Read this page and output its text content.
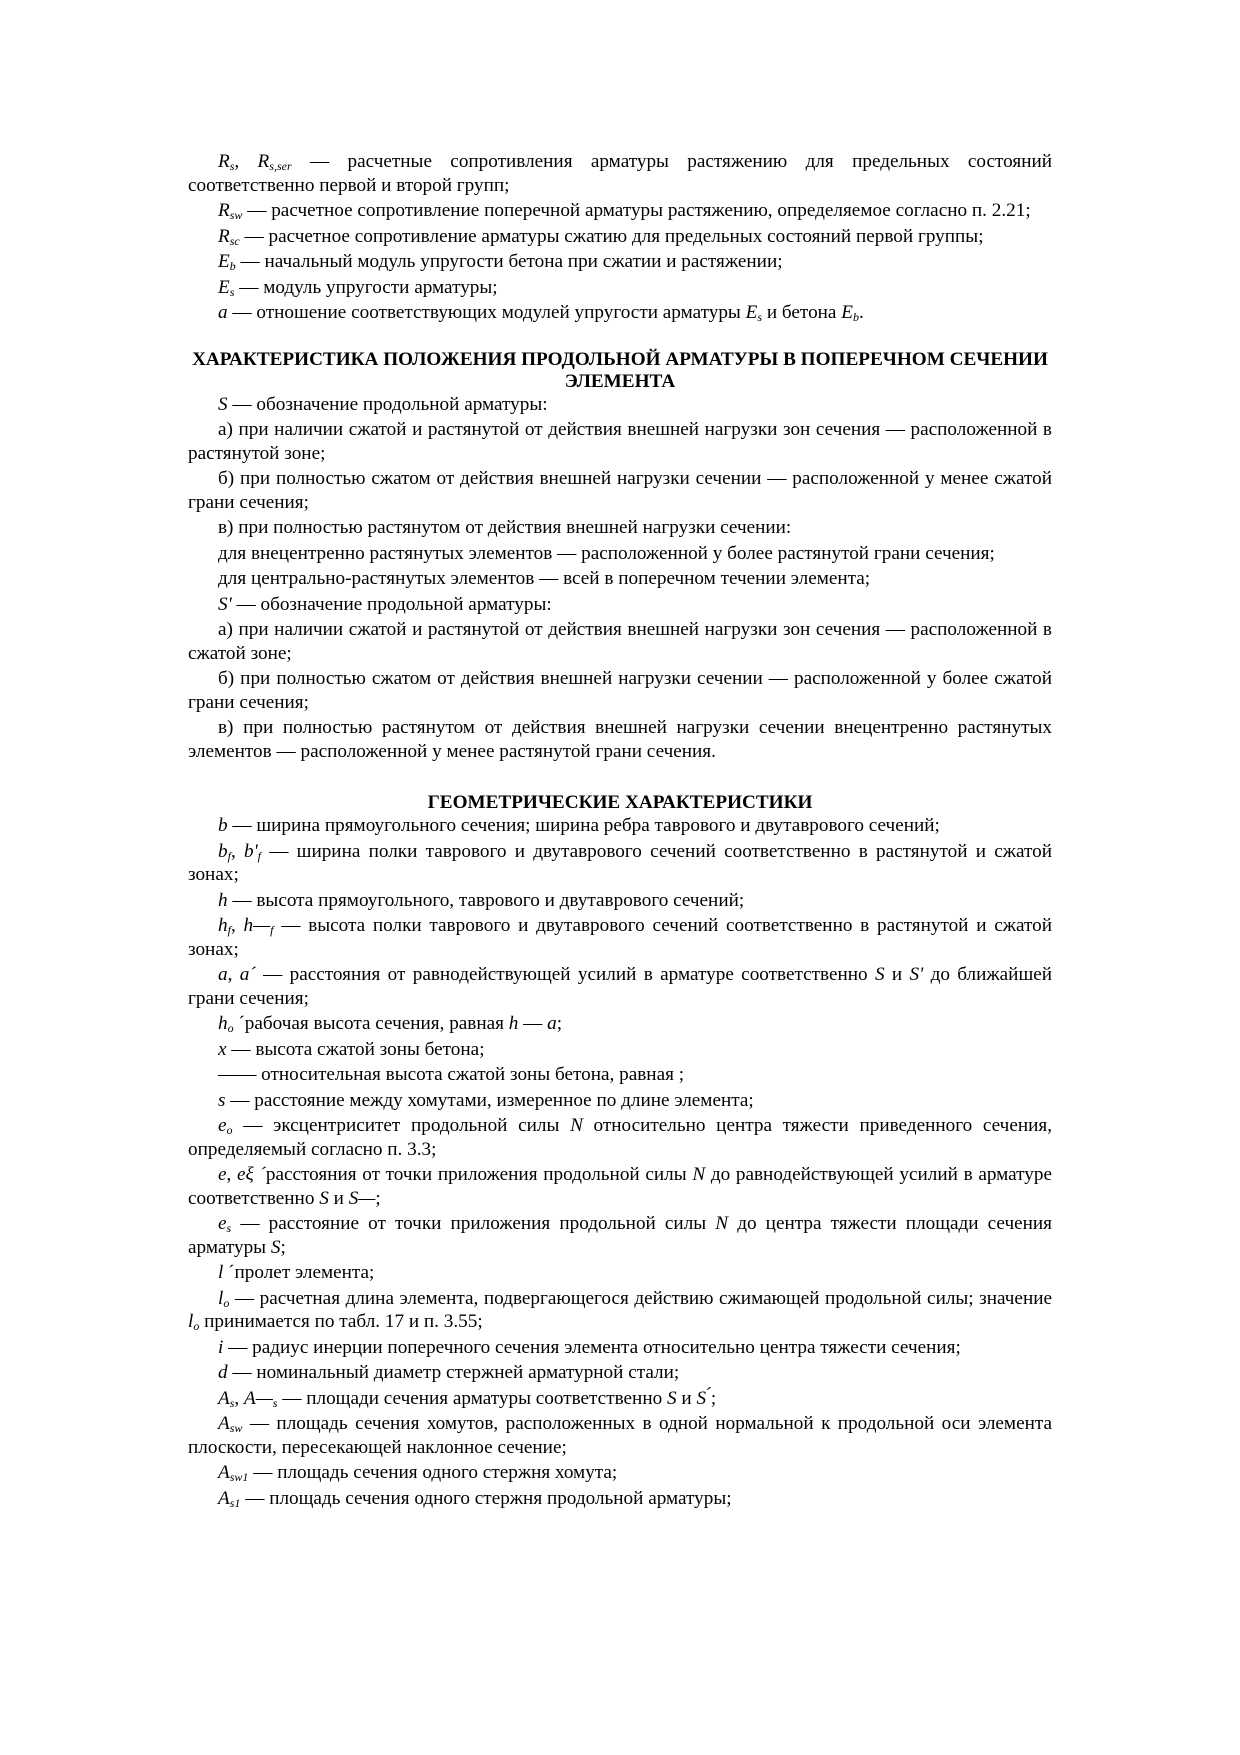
$R_s$, $R_{s,ser}$ — расчетные сопротивления арматуры растяжению для предельных состояний соответственно первой и второй групп;
$R_{sw}$ — расчетное сопротивление поперечной арматуры растяжению, определяемое согласно п. 2.21;
$R_{sc}$ — расчетное сопротивление арматуры сжатию для предельных состояний первой группы;
$E_b$ — начальный модуль упругости бетона при сжатии и растяжении;
$E_s$ — модуль упругости арматуры;
a — отношение соответствующих модулей упругости арматуры $E_s$ и бетона $E_b$.
ХАРАКТЕРИСТИКА ПОЛОЖЕНИЯ ПРОДОЛЬНОЙ АРМАТУРЫ В ПОПЕРЕЧНОМ СЕЧЕНИИ ЭЛЕМЕНТА
S — обозначение продольной арматуры:
а) при наличии сжатой и растянутой от действия внешней нагрузки зон сечения — расположенной в растянутой зоне;
б) при полностью сжатом от действия внешней нагрузки сечении — расположенной у менее сжатой грани сечения;
в) при полностью растянутом от действия внешней нагрузки сечении:
для внецентренно растянутых элементов — расположенной у более растянутой грани сечения;
для центрально-растянутых элементов — всей в поперечном течении элемента;
S' — обозначение продольной арматуры:
а) при наличии сжатой и растянутой от действия внешней нагрузки зон сечения — расположенной в сжатой зоне;
б) при полностью сжатом от действия внешней нагрузки сечении — расположенной у более сжатой грани сечения;
в) при полностью растянутом от действия внешней нагрузки сечении внецентренно растянутых элементов — расположенной у менее растянутой грани сечения.
ГЕОМЕТРИЧЕСКИЕ ХАРАКТЕРИСТИКИ
b — ширина прямоугольного сечения; ширина ребра таврового и двутаврового сечений;
$b_f$, $b'_f$ — ширина полки таврового и двутаврового сечений соответственно в растянутой и сжатой зонах;
h — высота прямоугольного, таврового и двутаврового сечений;
$h_f$, $h—_f$ — высота полки таврового и двутаврового сечений соответственно в растянутой и сжатой зонах;
a, a´ — расстояния от равнодействующей усилий в арматуре соответственно S и S' до ближайшей грани сечения;
$h_o$ ´рабочая высота сечения, равная h — a;
x — высота сжатой зоны бетона;
—— относительная высота сжатой зоны бетона, равная ;
s — расстояние между хомутами, измеренное по длине элемента;
$e_o$ — эксцентриситет продольной силы N относительно центра тяжести приведенного сечения, определяемый согласно п. 3.3;
e, eξ ´расстояния от точки приложения продольной силы N до равнодействующей усилий в арматуре соответственно S и S—;
$e_s$ — расстояние от точки приложения продольной силы N до центра тяжести площади сечения арматуры S;
l ´пролет элемента;
$l_o$ — расчетная длина элемента, подвергающегося действию сжимающей продольной силы; значение $l_o$ принимается по табл. 17 и п. 3.55;
i — радиус инерции поперечного сечения элемента относительно центра тяжести сечения;
d — номинальный диаметр стержней арматурной стали;
$A_s$, $A—_s$ — площади сечения арматуры соответственно S и S ́;
$A_{sw}$ — площадь сечения хомутов, расположенных в одной нормальной к продольной оси элемента плоскости, пересекающей наклонное сечение;
$A_{sw1}$ — площадь сечения одного стержня хомута;
$A_{s1}$ — площадь сечения одного стержня продольной арматуры;
